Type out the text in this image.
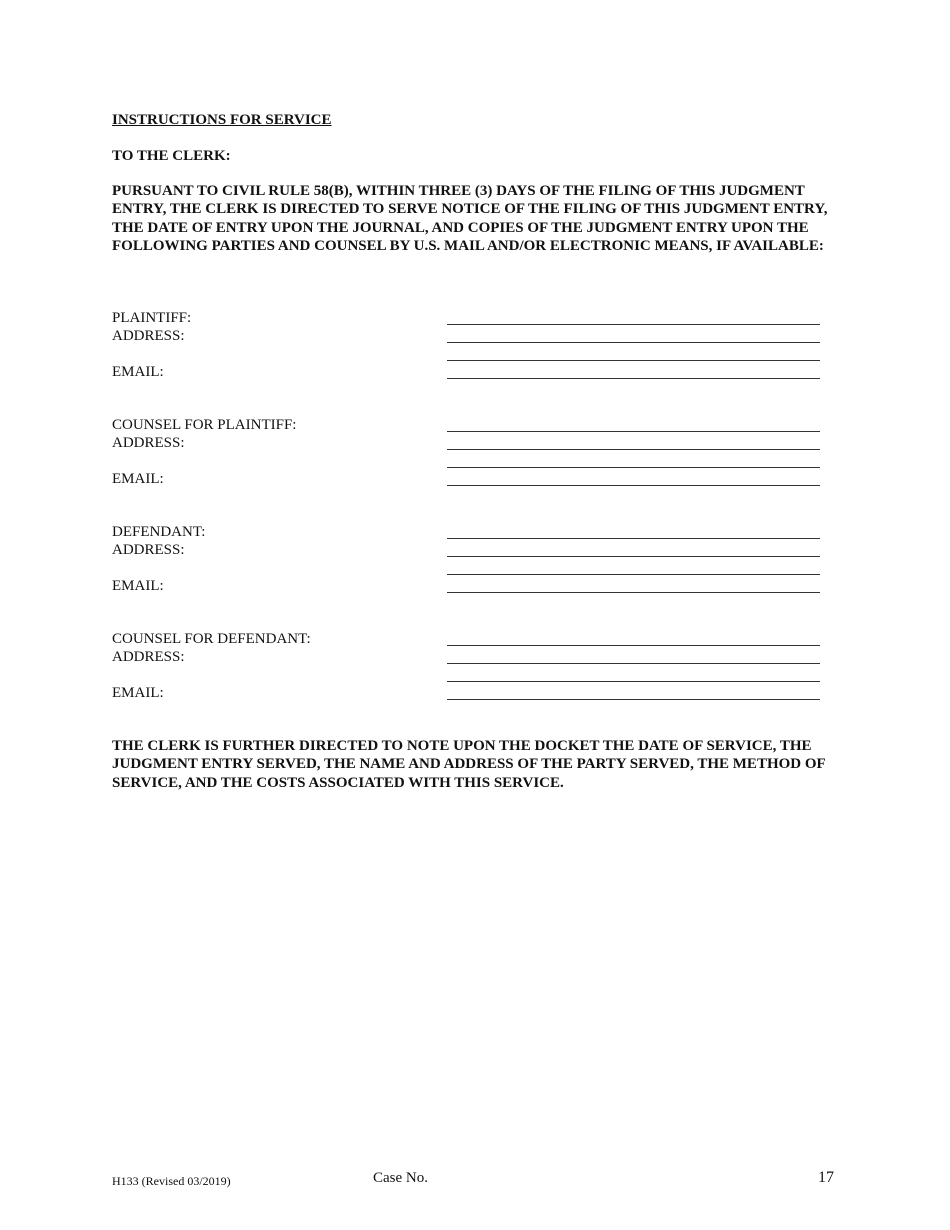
INSTRUCTIONS FOR SERVICE

TO THE CLERK:

PURSUANT TO CIVIL RULE 58(B), WITHIN THREE (3) DAYS OF THE FILING OF THIS JUDGMENT ENTRY, THE CLERK IS DIRECTED TO SERVE NOTICE OF THE FILING OF THIS JUDGMENT ENTRY, THE DATE OF ENTRY UPON THE JOURNAL, AND COPIES OF THE JUDGMENT ENTRY UPON THE FOLLOWING PARTIES AND COUNSEL BY U.S. MAIL AND/OR ELECTRONIC MEANS, IF AVAILABLE:

PLAINTIFF:
ADDRESS:
EMAIL:
COUNSEL FOR PLAINTIFF:
ADDRESS:
EMAIL:
DEFENDANT:
ADDRESS:
EMAIL:
COUNSEL FOR DEFENDANT:
ADDRESS:
EMAIL:

THE CLERK IS FURTHER DIRECTED TO NOTE UPON THE DOCKET THE DATE OF SERVICE, THE JUDGMENT ENTRY SERVED, THE NAME AND ADDRESS OF THE PARTY SERVED, THE METHOD OF SERVICE, AND THE COSTS ASSOCIATED WITH THIS SERVICE.

H133 (Revised 03/2019)	Case No.	17
